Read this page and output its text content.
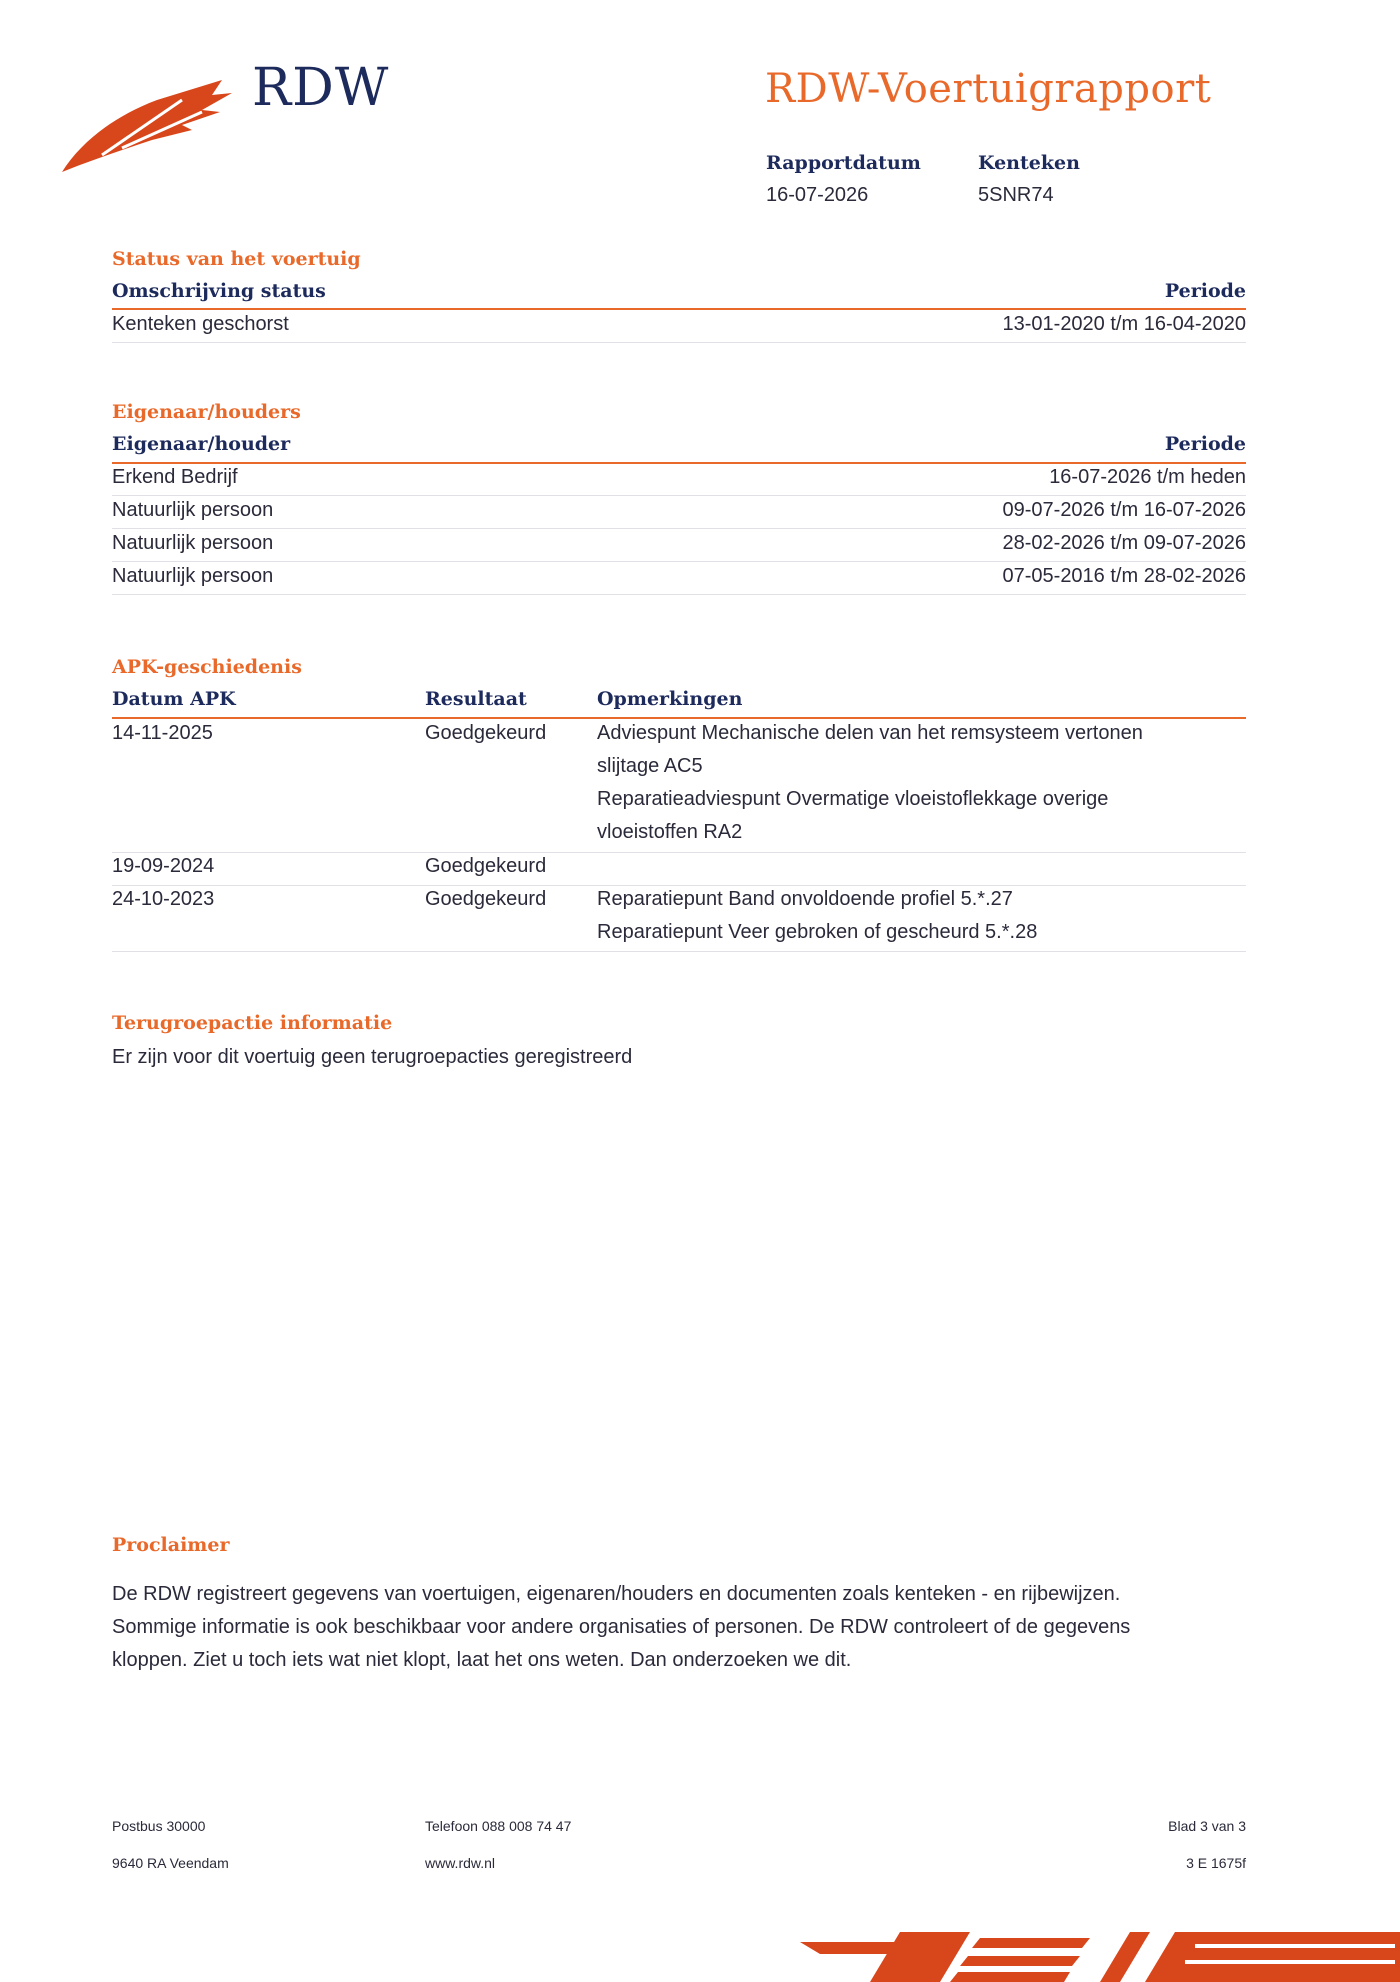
RDW	RDW-Voertuigrapport
Rapportdatum
16-07-2026
Kenteken
5SNR74
Status van het voertuig
Omschrijving status	Periode
Kenteken geschorst	13-01-2020 t/m 16-04-2020
Eigenaar/houders
Eigenaar/houder	Periode
Erkend Bedrijf	16-07-2026 t/m heden
Natuurlijk persoon	09-07-2026 t/m 16-07-2026
Natuurlijk persoon	28-02-2026 t/m 09-07-2026
Natuurlijk persoon	07-05-2016 t/m 28-02-2026
APK-geschiedenis
Datum APK	Resultaat	Opmerkingen
14-11-2025	Goedgekeurd	Adviespunt Mechanische delen van het remsysteem vertonen
slijtage AC5
Reparatieadviespunt Overmatige vloeistoflekkage overige
vloeistoffen RA2
19-09-2024	Goedgekeurd
24-10-2023	Goedgekeurd	Reparatiepunt Band onvoldoende profiel 5.*.27
Reparatiepunt Veer gebroken of gescheurd 5.*.28
Terugroepactie informatie
Er zijn voor dit voertuig geen terugroepacties geregistreerd
Proclaimer
De RDW registreert gegevens van voertuigen, eigenaren/houders en documenten zoals kenteken - en rijbewijzen.
Sommige informatie is ook beschikbaar voor andere organisaties of personen. De RDW controleert of de gegevens
kloppen. Ziet u toch iets wat niet klopt, laat het ons weten. Dan onderzoeken we dit.
Postbus 30000
9640 RA Veendam
Telefoon 088 008 74 47
www.rdw.nl
Blad 3 van 3
3 E 1675f
